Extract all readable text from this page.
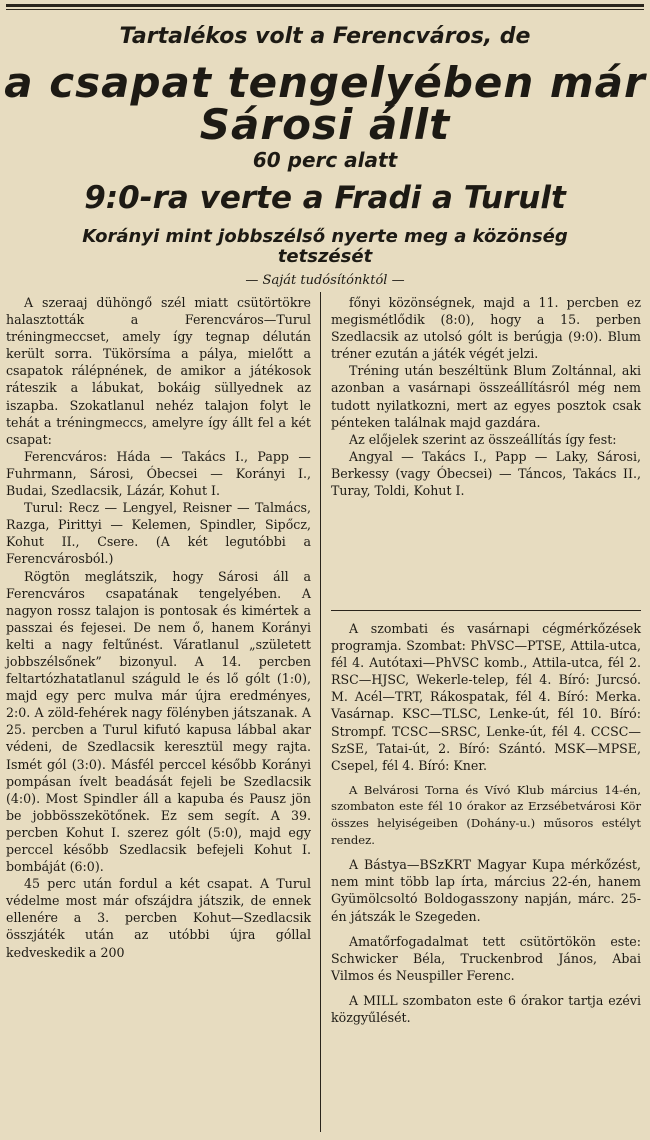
Tartalékos volt a Ferencváros, de
a csapat tengelyében már
Sárosi állt
60 perc alatt
9:0-ra verte a Fradi a Turult
Korányi mint jobbszélső nyerte meg a közönség
tetszését

— Saját tudósítónktól —

A szeraaj dühöngő szél miatt csütörtökre halasztották a Ferencváros—Turul tréningmeccset, amely így tegnap délután került sorra. Tükörsíma a pálya, mielőtt a csapatok rálépnének, de amikor a játékosok ráteszik a lábukat, bokáig süllyednek az iszapba. Szokatlanul nehéz talajon folyt le tehát a tréningmeccs, amelyre így állt fel a két csapat:

Ferencváros: Háda — Takács I., Papp — Fuhrmann, Sárosi, Óbecsei — Korányi I., Budai, Szedlacsik, Lázár, Kohut I.

Turul: Recz — Lengyel, Reisner — Talmács, Razga, Pirittyi — Kelemen, Spindler, Sipőcz, Kohut II., Csere. (A két legutóbbi a Ferencvárosból.)

Rögtön meglátszik, hogy Sárosi áll a Ferencváros csapatának tengelyében. A nagyon rossz talajon is pontosak és kimértek a passzai és fejesei. De nem ő, hanem Korányi kelti a nagy feltűnést. Váratlanul „született jobbszélsőnek” bizonyul. A 14. percben feltartózhatatlanul száguld le és lő gólt (1:0), majd egy perc mulva már újra eredményes, 2:0. A zöld-fehérek nagy fölényben játszanak. A 25. percben a Turul kifutó kapusa lábbal akar védeni, de Szedlacsik keresztül megy rajta. Ismét gól (3:0). Másfél perccel később Korányi pompásan ívelt beadását fejeli be Szedlacsik (4:0). Most Spindler áll a kapuba és Pausz jön be jobbösszekötőnek. Ez sem segít. A 39. percben Kohut I. szerez gólt (5:0), majd egy perccel később Szedlacsik befejeli Kohut I. bombáját (6:0).

45 perc után fordul a két csapat. A Turul védelme most már ofszájdra játszik, de ennek ellenére a 3. percben Kohut—Szedlacsik összjáték után az utóbbi újra góllal kedveskedik a 200

főnyi közönségnek, majd a 11. percben ez megismétlődik (8:0), hogy a 15. perben Szedlacsik az utolsó gólt is berúgja (9:0). Blum tréner ezután a játék végét jelzi.

Tréning után beszéltünk Blum Zoltánnal, aki azonban a vasárnapi összeállításról még nem tudott nyilatkozni, mert az egyes posztok csak pénteken találnak majd gazdára.

Az előjelek szerint az összeállítás így fest:

Angyal — Takács I., Papp — Laky, Sárosi, Berkessy (vagy Óbecsei) — Táncos, Takács II., Turay, Toldi, Kohut I.

A szombati és vasárnapi cégmérkőzések programja. Szombat: PhVSC—PTSE, Attila-utca, fél 4. Autótaxi—PhVSC komb., Attila-utca, fél 2. RSC—HJSC, Wekerle-telep, fél 4. Bíró: Jurcsó. M. Acél—TRT, Rákospatak, fél 4. Bíró: Merka. Vasárnap. KSC—TLSC, Lenke-út, fél 10. Bíró: Strompf. TCSC—SRSC, Lenke-út, fél 4. CCSC—SzSE, Tatai-út, 2. Bíró: Szántó. MSK—MPSE, Csepel, fél 4. Bíró: Kner.

A Belvárosi Torna és Vívó Klub március 14-én, szombaton este fél 10 órakor az Erzsébetvárosi Kör összes helyiségeiben (Dohány-u.) műsoros estélyt rendez.

A Bástya—BSzKRT Magyar Kupa mérkőzést, nem mint több lap írta, március 22-én, hanem Gyümölcsoltó Boldogasszony napján, márc. 25-én játszák le Szegeden.

Amatőrfogadalmat tett csütörtökön este: Schwicker Béla, Truckenbrod János, Abai Vilmos és Neuspiller Ferenc.

A MILL szombaton este 6 órakor tartja ezévi közgyűlését.
